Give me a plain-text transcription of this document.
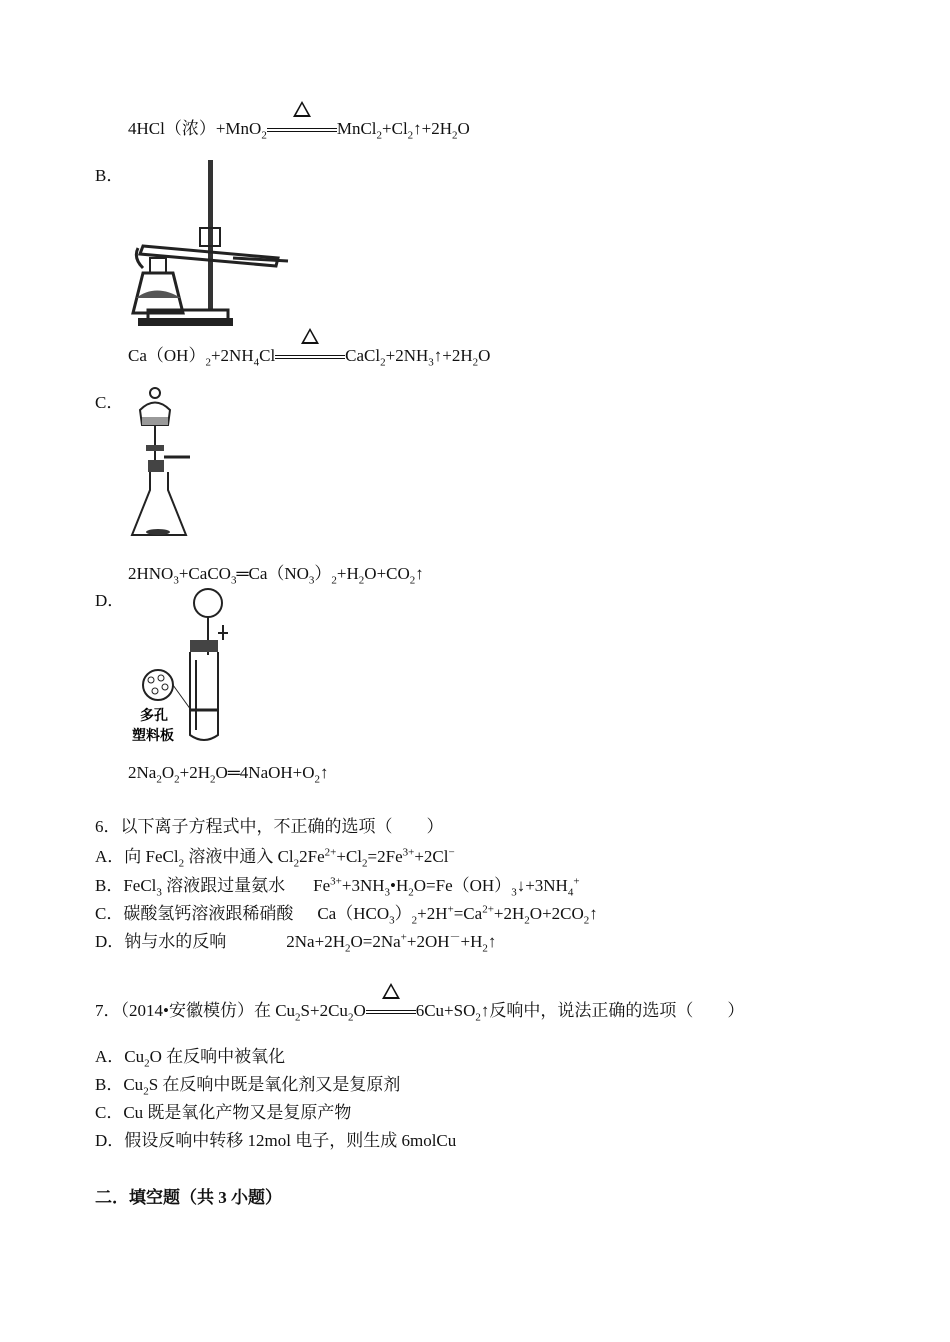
4HCl（浓）+MnO$_2$	$MnCl_2+Cl_2↑+2H_2O$
B．
$Ca(OH)_2+2NH_4Cl$	$CaCl_2+2NH_3↑+2H_2O$
C．
$2HNO_3+CaCO_3═Ca(NO_3)_2+H_2O+CO_2↑$
D．
多孔
塑料板
$2Na_2O_2+2H_2O═4NaOH+O_2↑$
6．以下离子方程式中，不正确的选项（　　）
A．向 FeCl$_2$ 溶液中通入 $Cl_22Fe^{2+}+Cl_2=2Fe^{3+}+2Cl^-$
B．FeCl$_3$ 溶液跟过量氨水 $Fe^{3+}+3NH_3•H_2O=Fe(OH)_3↓+3NH_4^+$
C．碳酸氢钙溶液跟稀硝酸 $Ca(HCO_3)_2+2H^+=Ca^{2+}+2H_2O+2CO_2↑$
D．钠与水的反响	$2Na+2H_2O=2Na^++2OH^-+H_2↑$
7．（2014•安徽模仿）在 $Cu_2S+2Cu_2O$	$6Cu+SO_2↑$反响中，说法正确的选项（　　）
A．$Cu_2O$ 在反响中被氧化
B．$Cu_2S$ 在反响中既是氧化剂又是复原剂
C．Cu 既是氧化产物又是复原产物
D．假设反响中转移 12mol 电子，则生成 6molCu
二．填空题（共 3 小题）
